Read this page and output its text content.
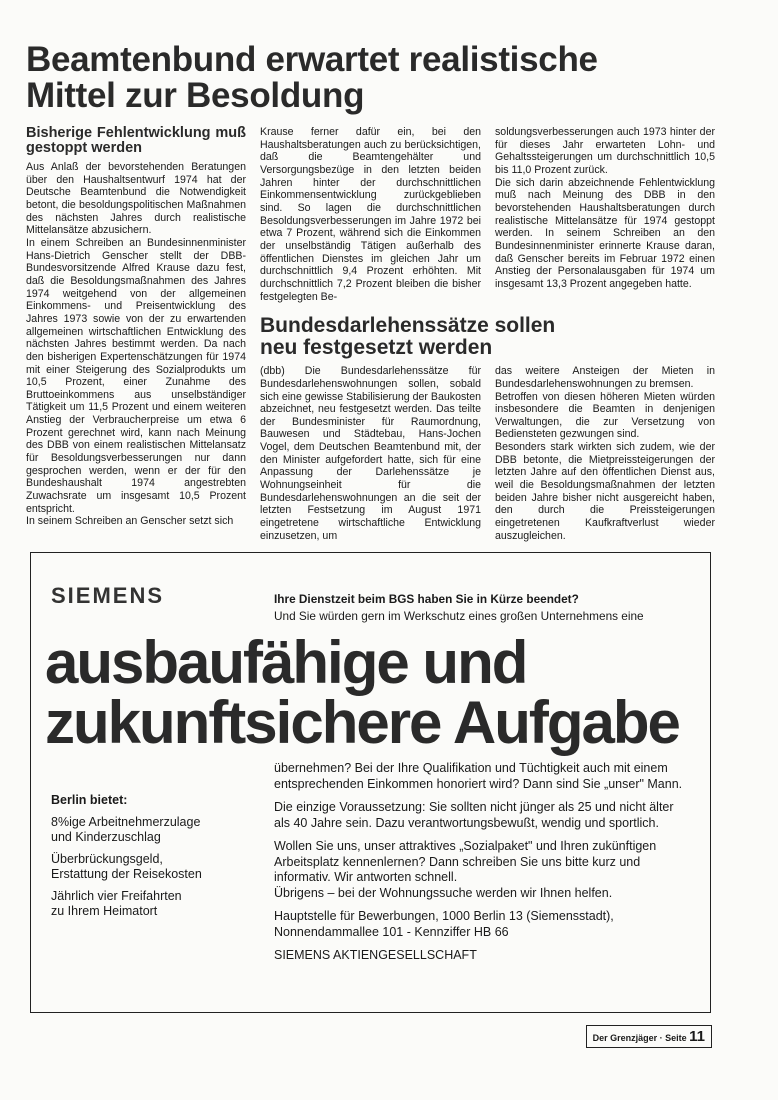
Beamtenbund erwartet realistische
Mittel zur Besoldung
Bisherige Fehlentwicklung muß gestoppt werden

Aus Anlaß der bevorstehenden Beratungen über den Haushaltsentwurf 1974 hat der Deutsche Beamtenbund die Notwendigkeit betont, die besoldungspolitischen Maßnahmen des nächsten Jahres durch realistische Mittelansätze abzusichern.

In einem Schreiben an Bundesinnenminister Hans-Dietrich Genscher stellt der DBB-Bundesvorsitzende Alfred Krause dazu fest, daß die Besoldungsmaßnahmen des Jahres 1974 weitgehend von der allgemeinen Einkommens- und Preisentwicklung des Jahres 1973 sowie von der zu erwartenden allgemeinen wirtschaftlichen Entwicklung des nächsten Jahres bestimmt werden. Da nach den bisherigen Expertenschätzungen für 1974 mit einer Steigerung des Sozialprodukts um 10,5 Prozent, einer Zunahme des Bruttoeinkommens aus unselbständiger Tätigkeit um 11,5 Prozent und einem weiteren Anstieg der Verbraucherpreise um etwa 6 Prozent gerechnet wird, kann nach Meinung des DBB von einem realistischen Mittelansatz für Besoldungsverbesserungen nur dann gesprochen werden, wenn er der für den Bundeshaushalt 1974 angestrebten Zuwachsrate um insgesamt 10,5 Prozent entspricht.

In seinem Schreiben an Genscher setzt sich

Krause ferner dafür ein, bei den Haushaltsberatungen auch zu berücksichtigen, daß die Beamtengehälter und Versorgungsbezüge in den letzten beiden Jahren hinter der durchschnittlichen Einkommensentwicklung zurückgeblieben sind. So lagen die durchschnittlichen Besoldungsverbesserungen im Jahre 1972 bei etwa 7 Prozent, während sich die Einkommen der unselbständig Tätigen außerhalb des öffentlichen Dienstes im gleichen Jahr um durchschnittlich 9,4 Prozent erhöhten. Mit durchschnittlich 7,2 Prozent bleiben die bisher festgelegten Be-

soldungsverbesserungen auch 1973 hinter der für dieses Jahr erwarteten Lohn- und Gehaltssteigerungen um durchschnittlich 10,5 bis 11,0 Prozent zurück.

Die sich darin abzeichnende Fehlentwicklung muß nach Meinung des DBB in den bevorstehenden Haushaltsberatungen durch realistische Mittelansätze für 1974 gestoppt werden. In seinem Schreiben an den Bundesinnenminister erinnerte Krause daran, daß Genscher bereits im Februar 1972 einen Anstieg der Personalausgaben für 1974 um insgesamt 13,3 Prozent angegeben hatte.

Bundesdarlehenssätze sollen
neu festgesetzt werden

(dbb) Die Bundesdarlehenssätze für Bundesdarlehenswohnungen sollen, sobald sich eine gewisse Stabilisierung der Baukosten abzeichnet, neu festgesetzt werden. Das teilte der Bundesminister für Raumordnung, Bauwesen und Städtebau, Hans-Jochen Vogel, dem Deutschen Beamtenbund mit, der den Minister aufgefordert hatte, sich für eine Anpassung der Darlehenssätze je Wohnungseinheit für die Bundesdarlehenswohnungen an die seit der letzten Festsetzung im August 1971 eingetretene wirtschaftliche Entwicklung einzusetzen, um

das weitere Ansteigen der Mieten in Bundesdarlehenswohnungen zu bremsen.

Betroffen von diesen höheren Mieten würden insbesondere die Beamten in denjenigen Verwaltungen, die zur Versetzung von Bediensteten gezwungen sind.

Besonders stark wirkten sich zudem, wie der DBB betonte, die Mietpreissteigerungen der letzten Jahre auf den öffentlichen Dienst aus, weil die Besoldungsmaßnahmen der letzten beiden Jahre bisher nicht ausgereicht haben, den durch die Preissteigerungen eingetretenen Kaufkraftverlust wieder auszugleichen.

SIEMENS	Ihre Dienstzeit beim BGS haben Sie in Kürze beendet?
Und Sie würden gern im Werkschutz eines großen Unternehmens eine
ausbaufähige und
zukunftsichere Aufgabe

Berlin bietet:

8%ige Arbeitnehmerzulage
und Kinderzuschlag

Überbrückungsgeld,
Erstattung der Reisekosten

Jährlich vier Freifahrten
zu Ihrem Heimatort

übernehmen? Bei der Ihre Qualifikation und Tüchtigkeit auch mit einem entsprechenden Einkommen honoriert wird? Dann sind Sie „unser" Mann.

Die einzige Voraussetzung: Sie sollten nicht jünger als 25 und nicht älter als 40 Jahre sein. Dazu verantwortungsbewußt, wendig und sportlich.

Wollen Sie uns, unser attraktives „Sozialpaket" und Ihren zukünftigen Arbeitsplatz kennenlernen? Dann schreiben Sie uns bitte kurz und informativ. Wir antworten schnell.

Übrigens – bei der Wohnungssuche werden wir Ihnen helfen.

Hauptstelle für Bewerbungen, 1000 Berlin 13 (Siemensstadt), Nonnendammallee 101 - Kennziffer HB 66

SIEMENS AKTIENGESELLSCHAFT

Der Grenzjäger · Seite 11
